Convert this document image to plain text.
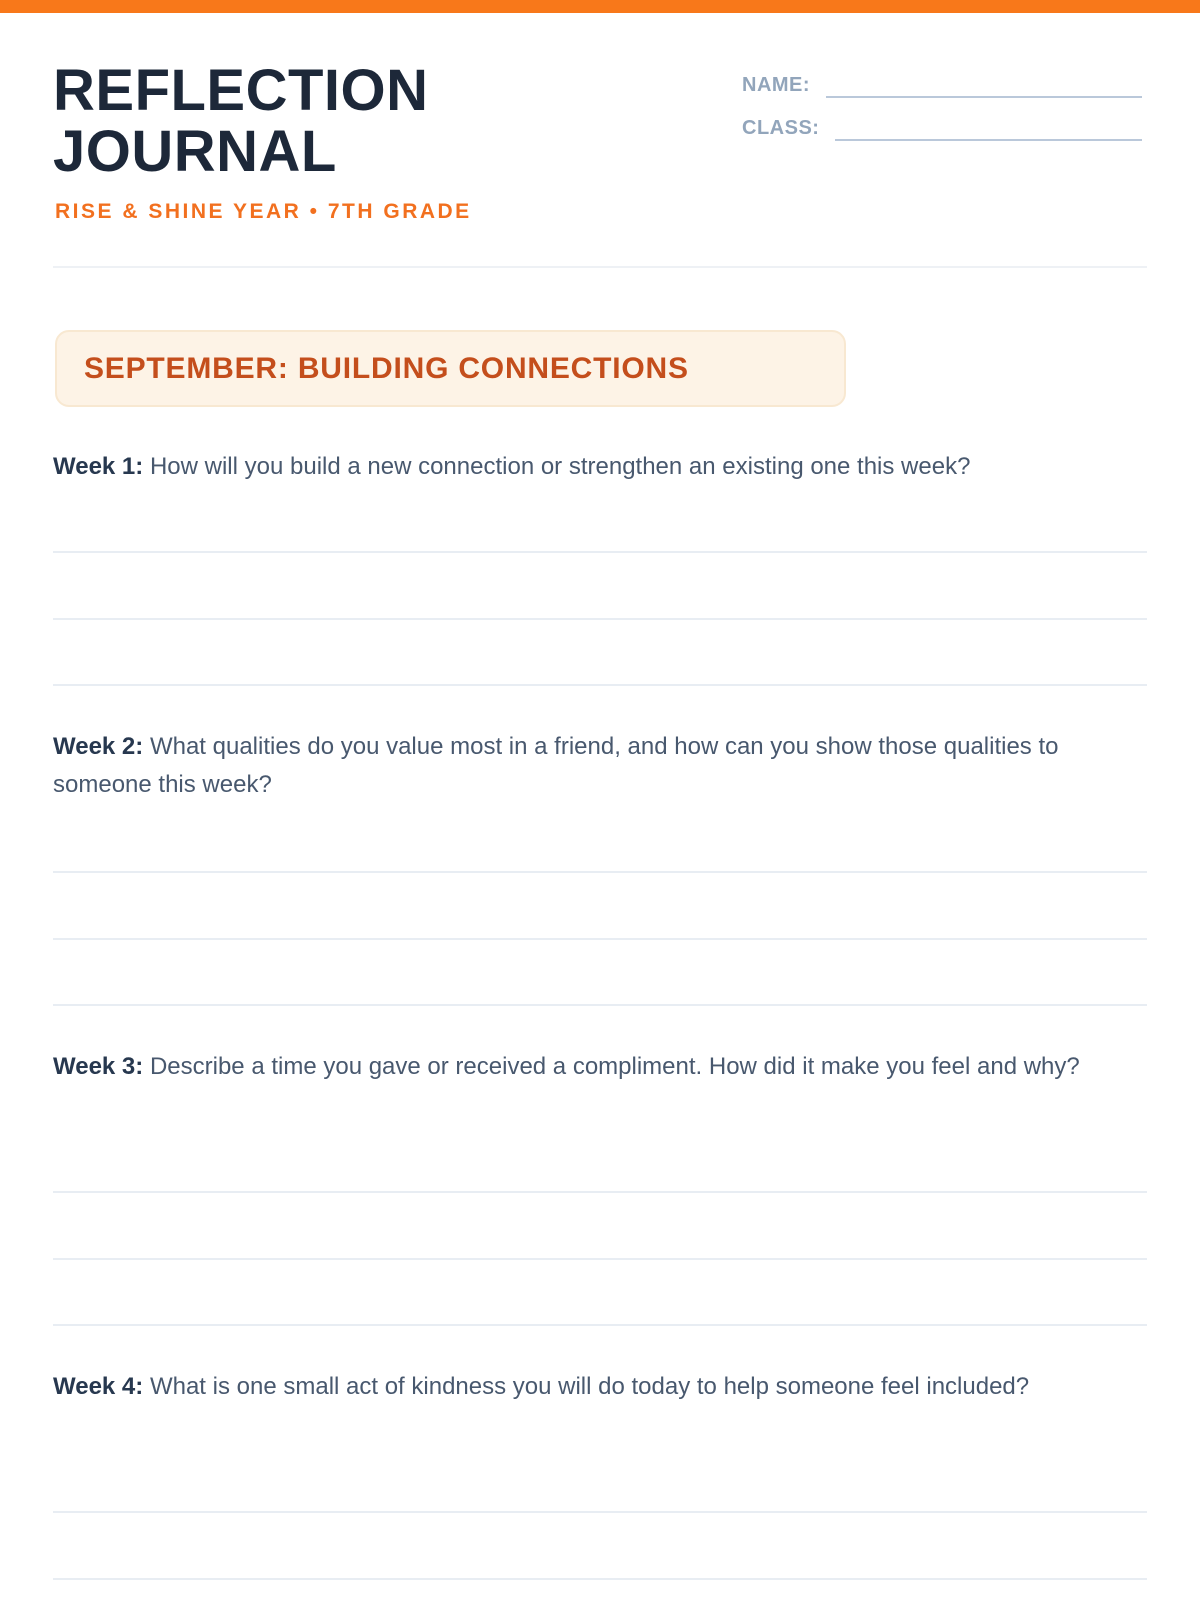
REFLECTION JOURNAL
RISE & SHINE YEAR • 7TH GRADE
NAME:
CLASS:
SEPTEMBER: BUILDING CONNECTIONS

Week 1: How will you build a new connection or strengthen an existing one this week?

Week 2: What qualities do you value most in a friend, and how can you show those qualities to someone this week?

Week 3: Describe a time you gave or received a compliment. How did it make you feel and why?

Week 4: What is one small act of kindness you will do today to help someone feel included?
